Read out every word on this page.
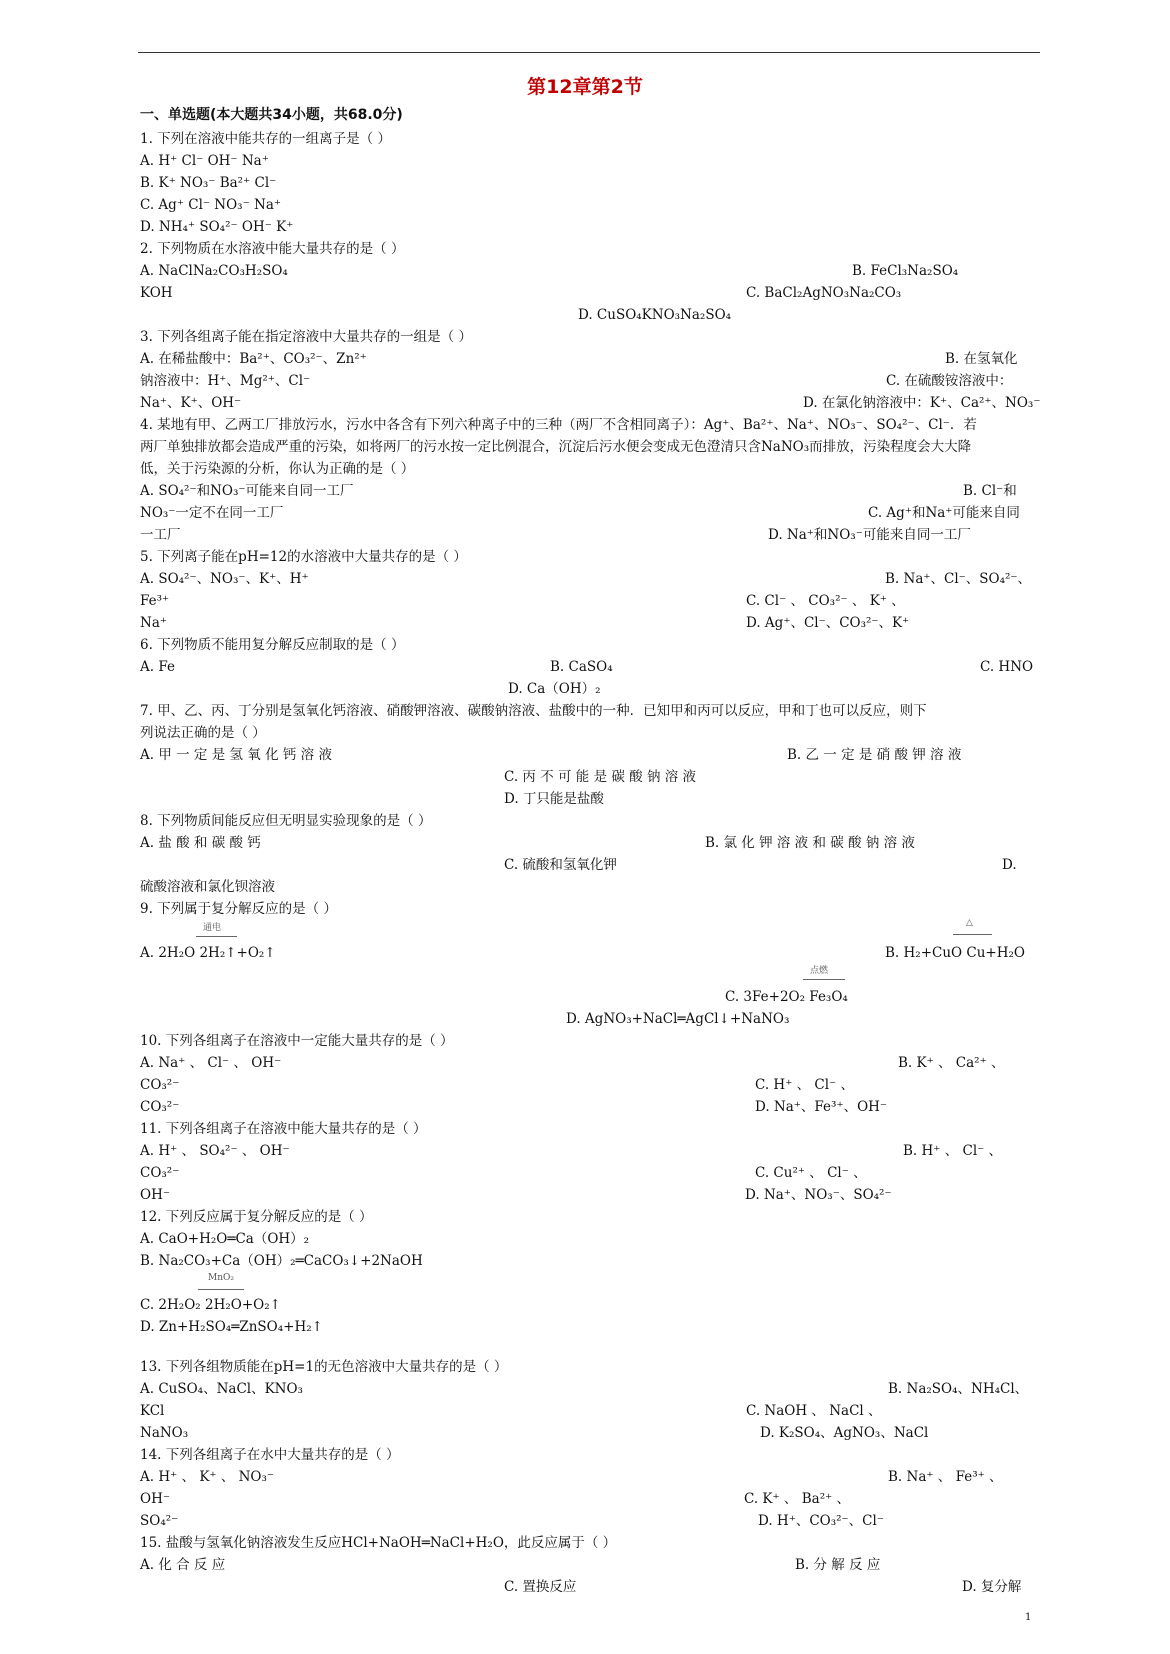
第12章第2节
一、单选题(本大题共34小题，共68.0分)
1. 下列在溶液中能共存的一组离子是（ ）
A. H⁺ Cl⁻ OH⁻ Na⁺
B. K⁺ NO₃⁻ Ba²⁺ Cl⁻
C. Ag⁺ Cl⁻ NO₃⁻ Na⁺
D. NH₄⁺ SO₄²⁻ OH⁻ K⁺
2. 下列物质在水溶液中能大量共存的是（ ）
A. NaClNa₂CO₃H₂SO₄	B. FeCl₃Na₂SO₄
KOH	C. BaCl₂AgNO₃Na₂CO₃
D. CuSO₄KNO₃Na₂SO₄
3. 下列各组离子能在指定溶液中大量共存的一组是（ ）
A. 在稀盐酸中：Ba²⁺、CO₃²⁻、Zn²⁺	B. 在氢氧化
钠溶液中：H⁺、Mg²⁺、Cl⁻	C. 在硫酸铵溶液中：
Na⁺、K⁺、OH⁻	D. 在氯化钠溶液中：K⁺、Ca²⁺、NO₃⁻
4. 某地有甲、乙两工厂排放污水，污水中各含有下列六种离子中的三种（两厂不含相同离子）：Ag⁺、Ba²⁺、Na⁺、NO₃⁻、SO₄²⁻、Cl⁻．若
两厂单独排放都会造成严重的污染，如将两厂的污水按一定比例混合，沉淀后污水便会变成无色澄清只含NaNO₃而排放，污染程度会大大降
低，关于污染源的分析，你认为正确的是（ ）
A. SO₄²⁻和NO₃⁻可能来自同一工厂	B. Cl⁻和
NO₃⁻一定不在同一工厂	C. Ag⁺和Na⁺可能来自同
一工厂	D. Na⁺和NO₃⁻可能来自同一工厂
5. 下列离子能在pH=12的水溶液中大量共存的是（ ）
A. SO₄²⁻、NO₃⁻、K⁺、H⁺	B. Na⁺、Cl⁻、SO₄²⁻、
Fe³⁺	C. Cl⁻ 、 CO₃²⁻ 、 K⁺ 、
Na⁺	D. Ag⁺、Cl⁻、CO₃²⁻、K⁺
6. 下列物质不能用复分解反应制取的是（ ）
A. Fe	B. CaSO₄	C. HNO
D. Ca（OH）₂
7. 甲、乙、丙、丁分别是氢氧化钙溶液、硝酸钾溶液、碳酸钠溶液、盐酸中的一种．已知甲和丙可以反应，甲和丁也可以反应，则下
列说法正确的是（ ）
A. 甲 一 定 是 氢 氧 化 钙 溶 液	B. 乙 一 定 是 硝 酸 钾 溶 液
C. 丙 不 可 能 是 碳 酸 钠 溶 液
D. 丁只能是盐酸
8. 下列物质间能反应但无明显实验现象的是（ ）
A. 盐 酸 和 碳 酸 钙	B. 氯 化 钾 溶 液 和 碳 酸 钠 溶 液
C. 硫酸和氢氧化钾	D.
硫酸溶液和氯化钡溶液
9. 下列属于复分解反应的是（ ）
A. 2H₂O 2H₂↑+O₂↑	B. H₂+CuO Cu+H₂O
C. 3Fe+2O₂ Fe₃O₄
D. AgNO₃+NaCl═AgCl↓+NaNO₃
10. 下列各组离子在溶液中一定能大量共存的是（ ）
A. Na⁺ 、 Cl⁻ 、 OH⁻	B. K⁺ 、 Ca²⁺ 、
CO₃²⁻	C. H⁺ 、 Cl⁻ 、
CO₃²⁻	D. Na⁺、Fe³⁺、OH⁻
11. 下列各组离子在溶液中能大量共存的是（ ）
A. H⁺ 、 SO₄²⁻ 、 OH⁻	B. H⁺ 、 Cl⁻ 、
CO₃²⁻	C. Cu²⁺ 、 Cl⁻ 、
OH⁻	D. Na⁺、NO₃⁻、SO₄²⁻
12. 下列反应属于复分解反应的是（ ）
A. CaO+H₂O═Ca（OH）₂
B. Na₂CO₃+Ca（OH）₂═CaCO₃↓+2NaOH
C. 2H₂O₂ 2H₂O+O₂↑
D. Zn+H₂SO₄═ZnSO₄+H₂↑
13. 下列各组物质能在pH=1的无色溶液中大量共存的是（ ）
A. CuSO₄、NaCl、KNO₃	B. Na₂SO₄、NH₄Cl、
KCl	C. NaOH 、 NaCl 、
NaNO₃	D. K₂SO₄、AgNO₃、NaCl
14. 下列各组离子在水中大量共存的是（ ）
A. H⁺ 、 K⁺ 、 NO₃⁻	B. Na⁺ 、 Fe³⁺ 、
OH⁻	C. K⁺ 、 Ba²⁺ 、
SO₄²⁻	D. H⁺、CO₃²⁻、Cl⁻
15. 盐酸与氢氧化钠溶液发生反应HCl+NaOH═NaCl+H₂O，此反应属于（ ）
A. 化 合 反 应	B. 分 解 反 应
C. 置换反应	D. 复分解
通电	△
点燃
MnO₂
1
